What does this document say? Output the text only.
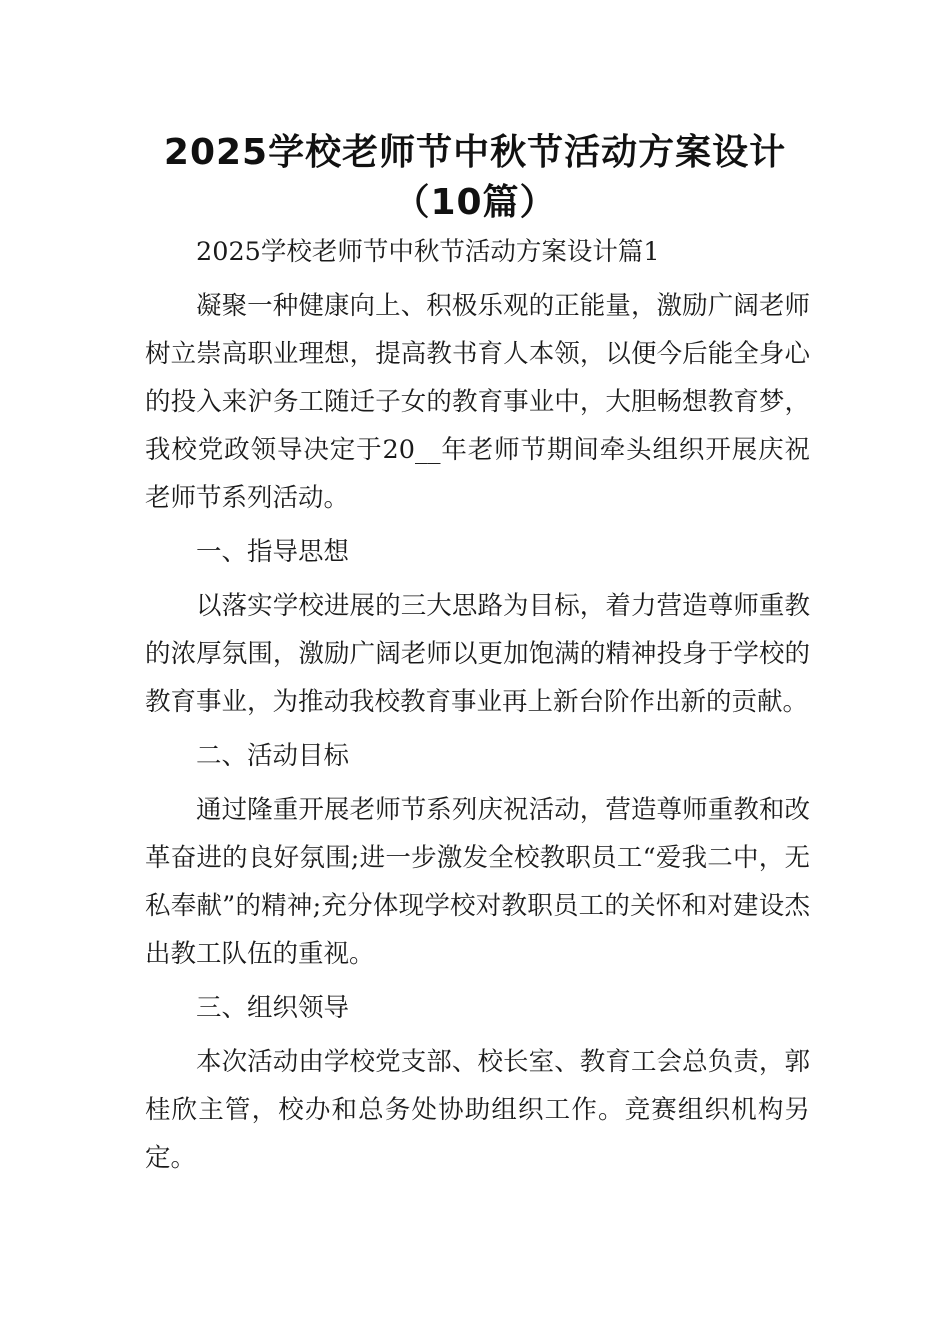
2025学校老师节中秋节活动方案设计（10篇）

2025学校老师节中秋节活动方案设计篇1

凝聚一种健康向上、积极乐观的正能量，激励广阔老师树立崇高职业理想，提高教书育人本领，以便今后能全身心的投入来沪务工随迁子女的教育事业中，大胆畅想教育梦，我校党政领导决定于20__年老师节期间牵头组织开展庆祝老师节系列活动。

一、指导思想

以落实学校进展的三大思路为目标，着力营造尊师重教的浓厚氛围，激励广阔老师以更加饱满的精神投身于学校的教育事业，为推动我校教育事业再上新台阶作出新的贡献。

二、活动目标

通过隆重开展老师节系列庆祝活动，营造尊师重教和改革奋进的良好氛围;进一步激发全校教职员工“爱我二中，无私奉献”的精神;充分体现学校对教职员工的关怀和对建设杰出教工队伍的重视。

三、组织领导

本次活动由学校党支部、校长室、教育工会总负责，郭桂欣主管，校办和总务处协助组织工作。竞赛组织机构另定。
